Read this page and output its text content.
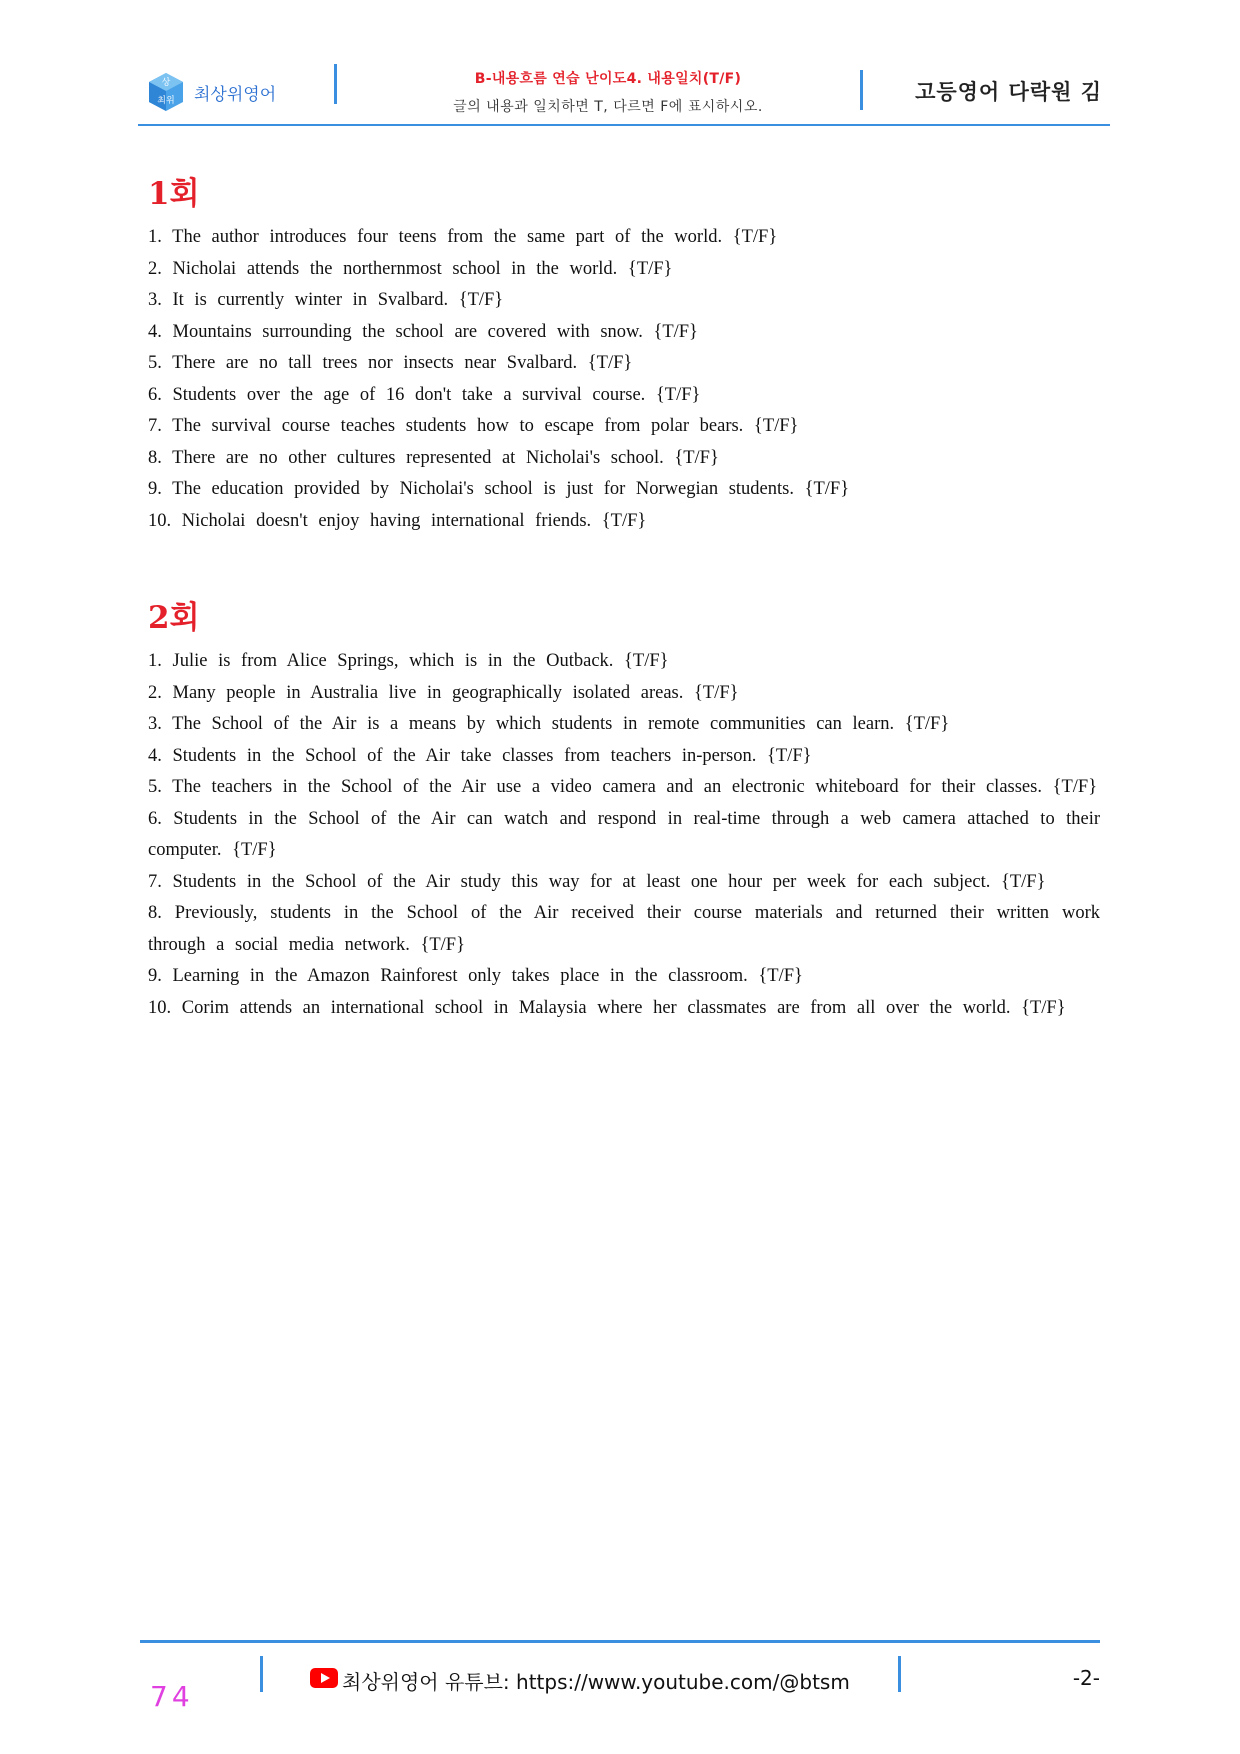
상
최위 최상위영어
B-내용흐름 연습 난이도4. 내용일치(T/F)
글의 내용과 일치하면 T, 다르면 F에 표시하시오.
고등영어 다락원 김
1회
1. The author introduces four teens from the same part of the world. {T/F}
2. Nicholai attends the northernmost school in the world. {T/F}
3. It is currently winter in Svalbard. {T/F}
4. Mountains surrounding the school are covered with snow. {T/F}
5. There are no tall trees nor insects near Svalbard. {T/F}
6. Students over the age of 16 don't take a survival course. {T/F}
7. The survival course teaches students how to escape from polar bears. {T/F}
8. There are no other cultures represented at Nicholai's school. {T/F}
9. The education provided by Nicholai's school is just for Norwegian students. {T/F}
10. Nicholai doesn't enjoy having international friends. {T/F}
2회
1. Julie is from Alice Springs, which is in the Outback. {T/F}
2. Many people in Australia live in geographically isolated areas. {T/F}
3. The School of the Air is a means by which students in remote communities can learn. {T/F}
4. Students in the School of the Air take classes from teachers in-person. {T/F}
5. The teachers in the School of the Air use a video camera and an electronic whiteboard for their classes. {T/F}
6. Students in the School of the Air can watch and respond in real-time through a web camera attached to their computer. {T/F}
7. Students in the School of the Air study this way for at least one hour per week for each subject. {T/F}
8. Previously, students in the School of the Air received their course materials and returned their written work through a social media network. {T/F}
9. Learning in the Amazon Rainforest only takes place in the classroom. {T/F}
10. Corim attends an international school in Malaysia where her classmates are from all over the world. {T/F}
최상위영어 유튜브: https://www.youtube.com/@btsm	-2-
74
